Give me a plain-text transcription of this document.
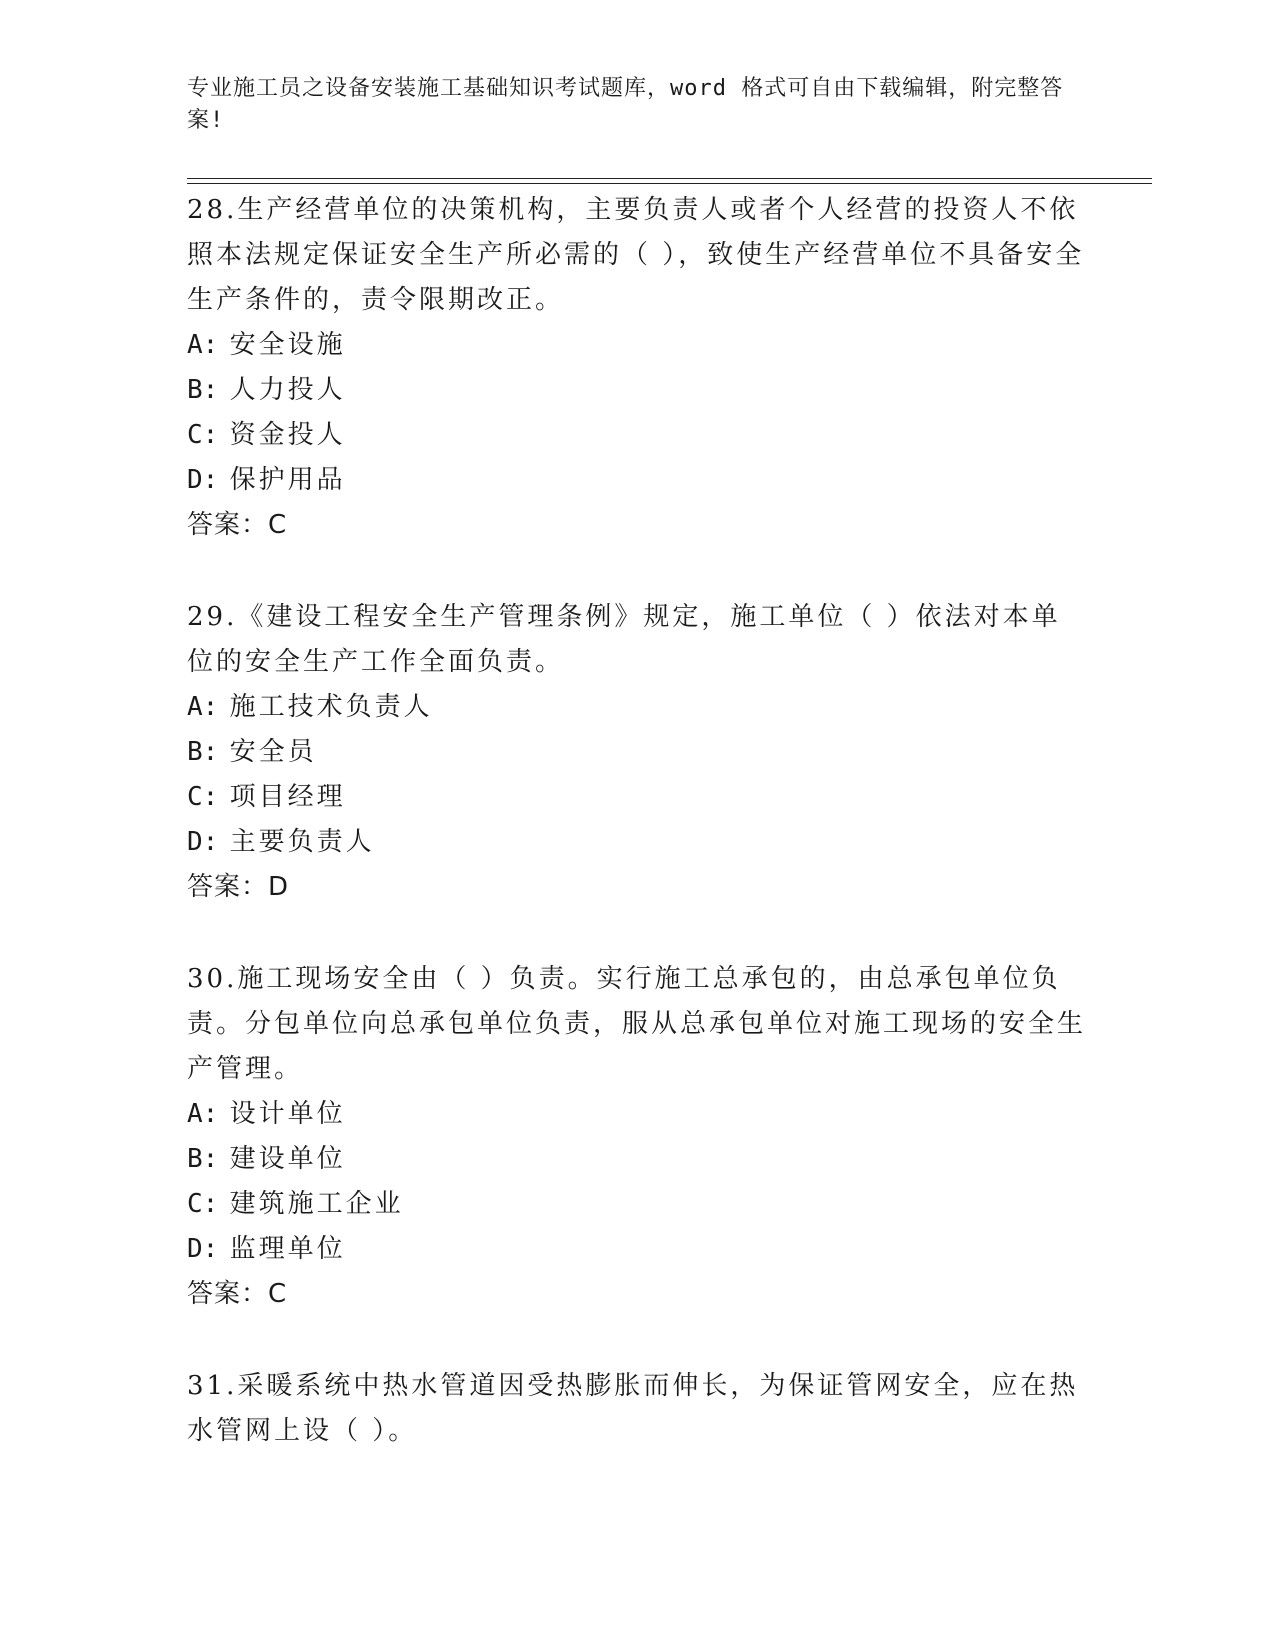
专业施工员之设备安装施工基础知识考试题库，word 格式可自由下载编辑，附完整答案!
28.生产经营单位的决策机构，主要负责人或者个人经营的投资人不依照本法规定保证安全生产所必需的（ ），致使生产经营单位不具备安全生产条件的，责令限期改正。
A: 安全设施
B: 人力投人
C: 资金投人
D: 保护用品
答案：C
29.《建设工程安全生产管理条例》规定，施工单位（ ）依法对本单位的安全生产工作全面负责。
A: 施工技术负责人
B: 安全员
C: 项目经理
D: 主要负责人
答案：D
30.施工现场安全由（ ）负责。实行施工总承包的，由总承包单位负责。分包单位向总承包单位负责，服从总承包单位对施工现场的安全生产管理。
A: 设计单位
B: 建设单位
C: 建筑施工企业
D: 监理单位
答案：C
31.采暖系统中热水管道因受热膨胀而伸长，为保证管网安全，应在热水管网上设（ ）。
